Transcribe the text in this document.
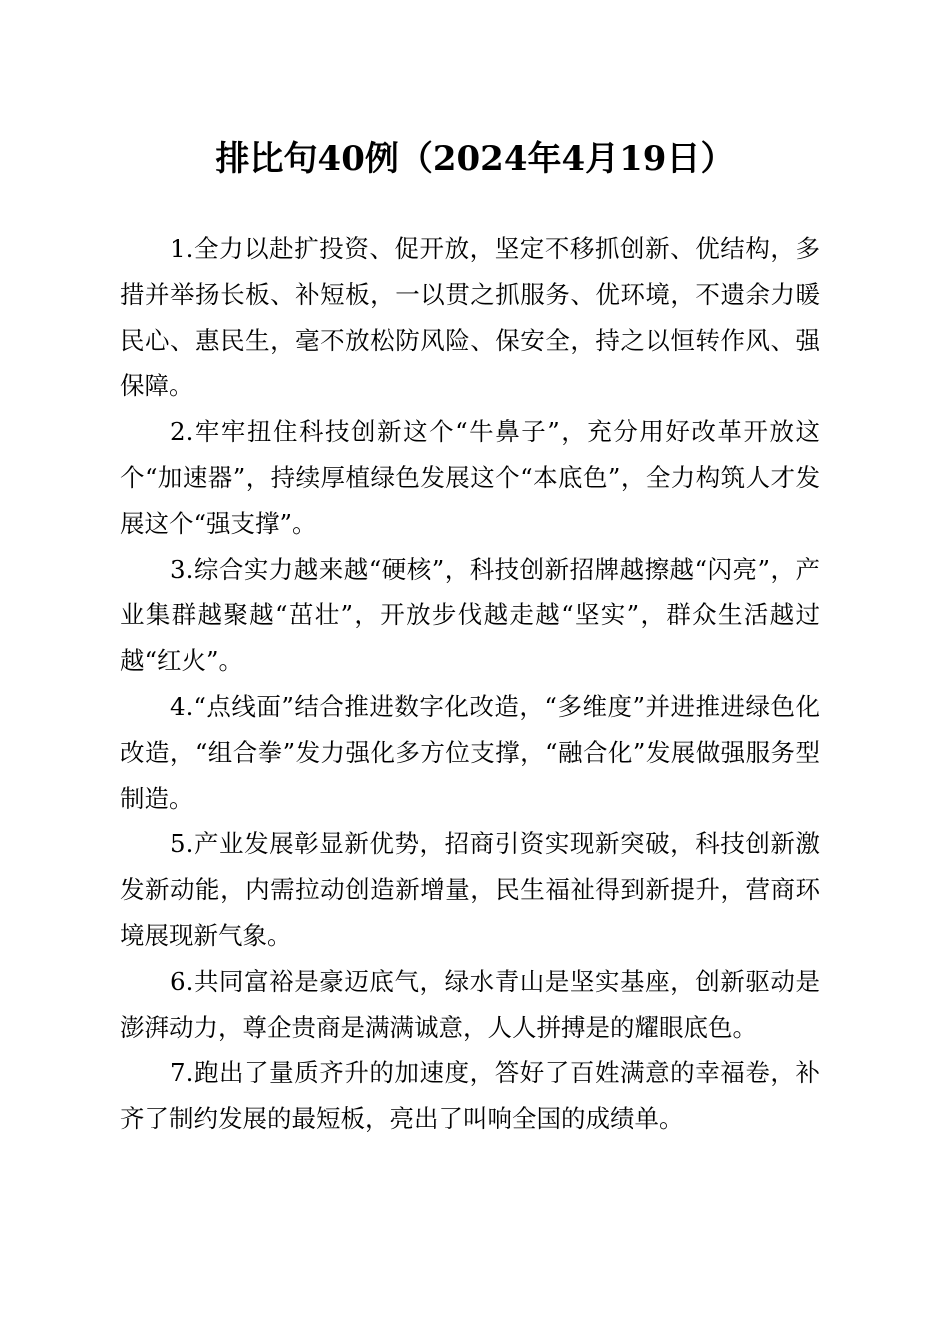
排比句40例（2024年4月19日）

1.全力以赴扩投资、促开放，坚定不移抓创新、优结构，多措并举扬长板、补短板，一以贯之抓服务、优环境，不遗余力暖民心、惠民生，毫不放松防风险、保安全，持之以恒转作风、强保障。

2.牢牢扭住科技创新这个“牛鼻子”，充分用好改革开放这个“加速器”，持续厚植绿色发展这个“本底色”，全力构筑人才发展这个“强支撑”。

3.综合实力越来越“硬核”，科技创新招牌越擦越“闪亮”，产业集群越聚越“茁壮”，开放步伐越走越“坚实”，群众生活越过越“红火”。

4.“点线面”结合推进数字化改造，“多维度”并进推进绿色化改造，“组合拳”发力强化多方位支撑，“融合化”发展做强服务型制造。

5.产业发展彰显新优势，招商引资实现新突破，科技创新激发新动能，内需拉动创造新增量，民生福祉得到新提升，营商环境展现新气象。

6.共同富裕是豪迈底气，绿水青山是坚实基座，创新驱动是澎湃动力，尊企贵商是满满诚意，人人拼搏是的耀眼底色。

7.跑出了量质齐升的加速度，答好了百姓满意的幸福卷，补齐了制约发展的最短板，亮出了叫响全国的成绩单。
